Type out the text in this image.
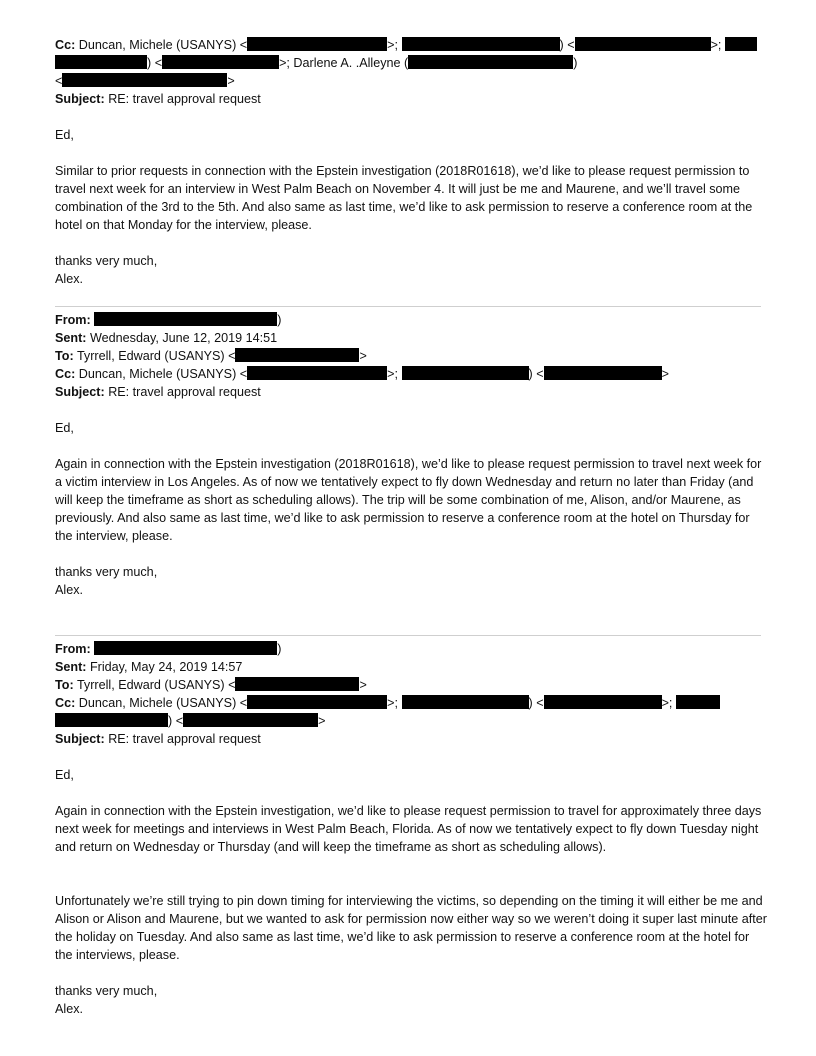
Cc: Duncan, Michele (USANYS) <	>;	) <	>;
) <	>; Darlene A. .Alleyne (	)
<	>
Subject: RE: travel approval request
Ed,
Similar to prior requests in connection with the Epstein investigation (2018R01618), we’d like to please request permission to travel next week for an interview in West Palm Beach on November 4. It will just be me and Maurene, and we’ll travel some combination of the 3rd to the 5th. And also same as last time, we’d like to ask permission to reserve a conference room at the hotel on that Monday for the interview, please.
thanks very much,
Alex.
From:	)
Sent: Wednesday, June 12, 2019 14:51
To: Tyrrell, Edward (USANYS) <	>
Cc: Duncan, Michele (USANYS) <	>;	) <	>
Subject: RE: travel approval request
Ed,
Again in connection with the Epstein investigation (2018R01618), we’d like to please request permission to travel next week for a victim interview in Los Angeles. As of now we tentatively expect to fly down Wednesday and return no later than Friday (and will keep the timeframe as short as scheduling allows). The trip will be some combination of me, Alison, and/or Maurene, as previously. And also same as last time, we’d like to ask permission to reserve a conference room at the hotel on Thursday for the interview, please.
thanks very much,
Alex.
From:	)
Sent: Friday, May 24, 2019 14:57
To: Tyrrell, Edward (USANYS) <	>
Cc: Duncan, Michele (USANYS) <	>;	) <	>;
) <	>
Subject: RE: travel approval request
Ed,
Again in connection with the Epstein investigation, we’d like to please request permission to travel for approximately three days next week for meetings and interviews in West Palm Beach, Florida. As of now we tentatively expect to fly down Tuesday night and return on Wednesday or Thursday (and will keep the timeframe as short as scheduling allows).
Unfortunately we’re still trying to pin down timing for interviewing the victims, so depending on the timing it will either be me and Alison or Alison and Maurene, but we wanted to ask for permission now either way so we weren’t doing it super last minute after the holiday on Tuesday. And also same as last time, we’d like to ask permission to reserve a conference room at the hotel for the interviews, please.
thanks very much,
Alex.
